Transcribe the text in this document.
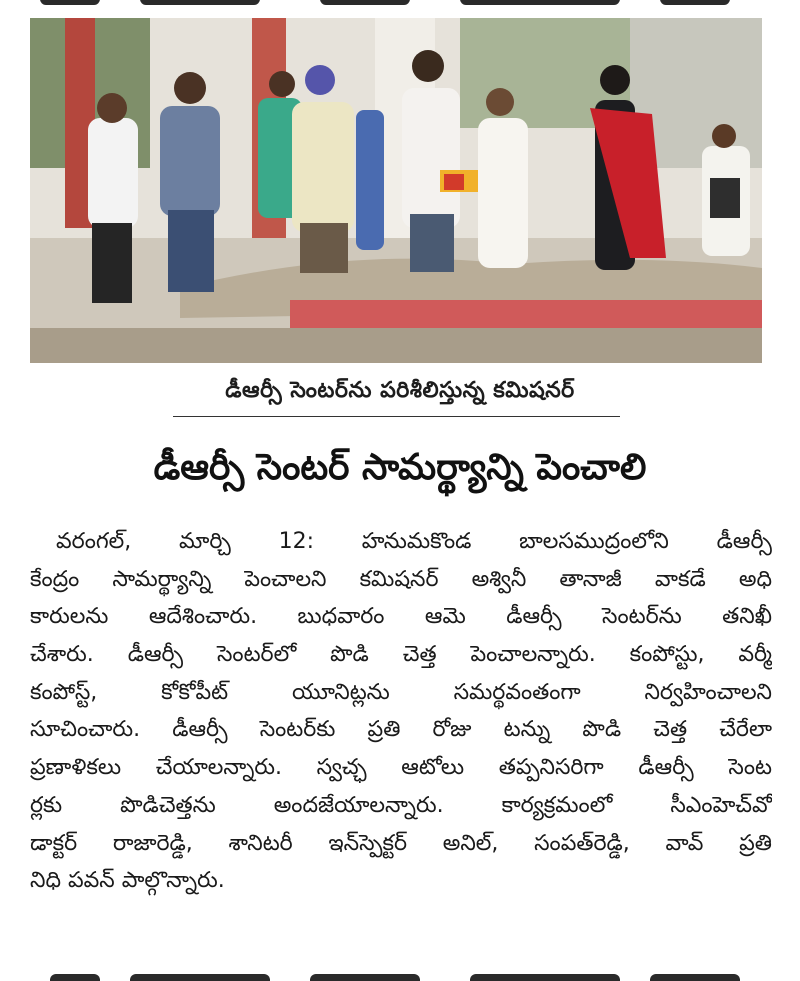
డీఆర్సీ సెంటర్‌ను పరిశీలిస్తున్న కమిషనర్
డీఆర్సీ సెంటర్ సామర్థ్యాన్ని పెంచాలి
వరంగల్, మార్చి 12: హనుమకొండ బాలసముద్రంలోని డీఆర్సీ
కేంద్రం సామర్థ్యాన్ని పెంచాలని కమిషనర్ అశ్వినీ తానాజీ వాకడే అధి
కారులను ఆదేశించారు. బుధవారం ఆమె డీఆర్సీ సెంటర్‌ను తనిఖీ
చేశారు. డీఆర్సీ సెంటర్‌లో పొడి చెత్త పెంచాలన్నారు. కంపోస్టు, వర్మీ
కంపోస్ట్, కోకోపీట్ యూనిట్లను సమర్థవంతంగా నిర్వహించాలని
సూచించారు. డీఆర్సీ సెంటర్‌కు ప్రతి రోజు టన్ను పొడి చెత్త చేరేలా
ప్రణాళికలు చేయాలన్నారు. స్వచ్ఛ ఆటోలు తప్పనిసరిగా డీఆర్సీ సెంట
ర్లకు పొడిచెత్తను అందజేయాలన్నారు. కార్యక్రమంలో సీఎంహెచ్‌వో
డాక్టర్ రాజారెడ్డి, శానిటరీ ఇన్‌స్పెక్టర్ అనిల్, సంపత్‌రెడ్డి, వావ్ ప్రతి
నిధి పవన్ పాల్గొన్నారు.
